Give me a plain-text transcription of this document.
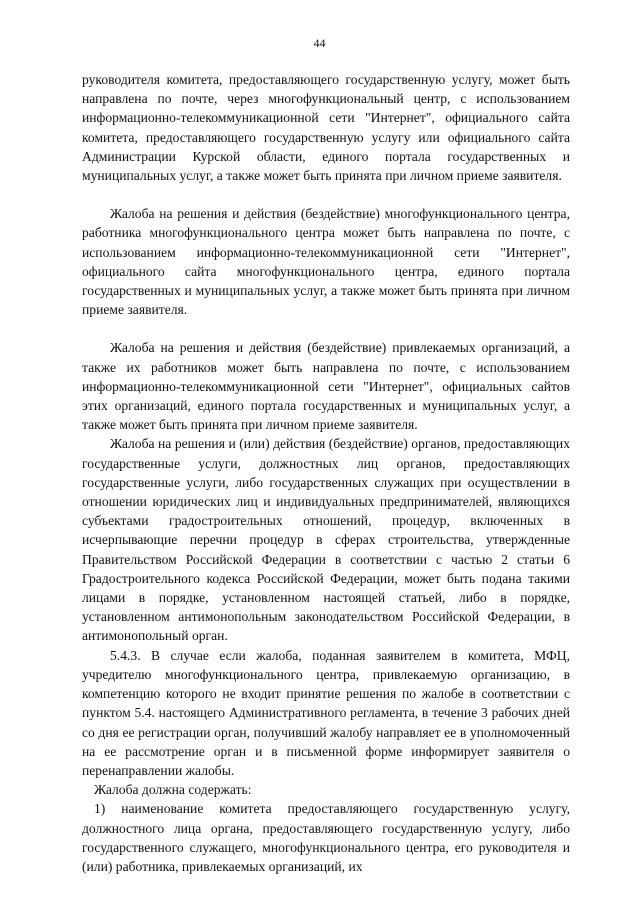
44

руководителя комитета, предоставляющего государственную услугу, может быть направлена по почте, через многофункциональный центр, с использованием информационно-телекоммуникационной сети "Интернет", официального сайта комитета, предоставляющего государственную услугу или официального сайта Администрации Курской области, единого портала государственных и муниципальных услуг, а также может быть принята при личном приеме заявителя.

Жалоба на решения и действия (бездействие) многофункционального центра, работника многофункционального центра может быть направлена по почте, с использованием информационно-телекоммуникационной сети "Интернет", официального сайта многофункционального центра, единого портала государственных и муниципальных услуг, а также может быть принята при личном приеме заявителя.

Жалоба на решения и действия (бездействие) привлекаемых организаций, а также их работников может быть направлена по почте, с использованием информационно-телекоммуникационной сети "Интернет", официальных сайтов этих организаций, единого портала государственных и муниципальных услуг, а также может быть принята при личном приеме заявителя.

Жалоба на решения и (или) действия (бездействие) органов, предоставляющих государственные услуги, должностных лиц органов, предоставляющих государственные услуги, либо государственных служащих при осуществлении в отношении юридических лиц и индивидуальных предпринимателей, являющихся субъектами градостроительных отношений, процедур, включенных в исчерпывающие перечни процедур в сферах строительства, утвержденные Правительством Российской Федерации в соответствии с частью 2 статьи 6 Градостроительного кодекса Российской Федерации, может быть подана такими лицами в порядке, установленном настоящей статьей, либо в порядке, установленном антимонопольным законодательством Российской Федерации, в антимонопольный орган.

5.4.3. В случае если жалоба, поданная заявителем в комитета, МФЦ, учредителю многофункционального центра, привлекаемую организацию, в компетенцию которого не входит принятие решения по жалобе в соответствии с пунктом 5.4. настоящего Административного регламента, в течение 3 рабочих дней со дня ее регистрации орган, получивший жалобу направляет ее в уполномоченный на ее рассмотрение орган и в письменной форме информирует заявителя о перенаправлении жалобы.

Жалоба должна содержать:

1) наименование комитета предоставляющего государственную услугу, должностного лица органа, предоставляющего государственную услугу, либо государственного служащего, многофункционального центра, его руководителя и (или) работника, привлекаемых организаций, их
